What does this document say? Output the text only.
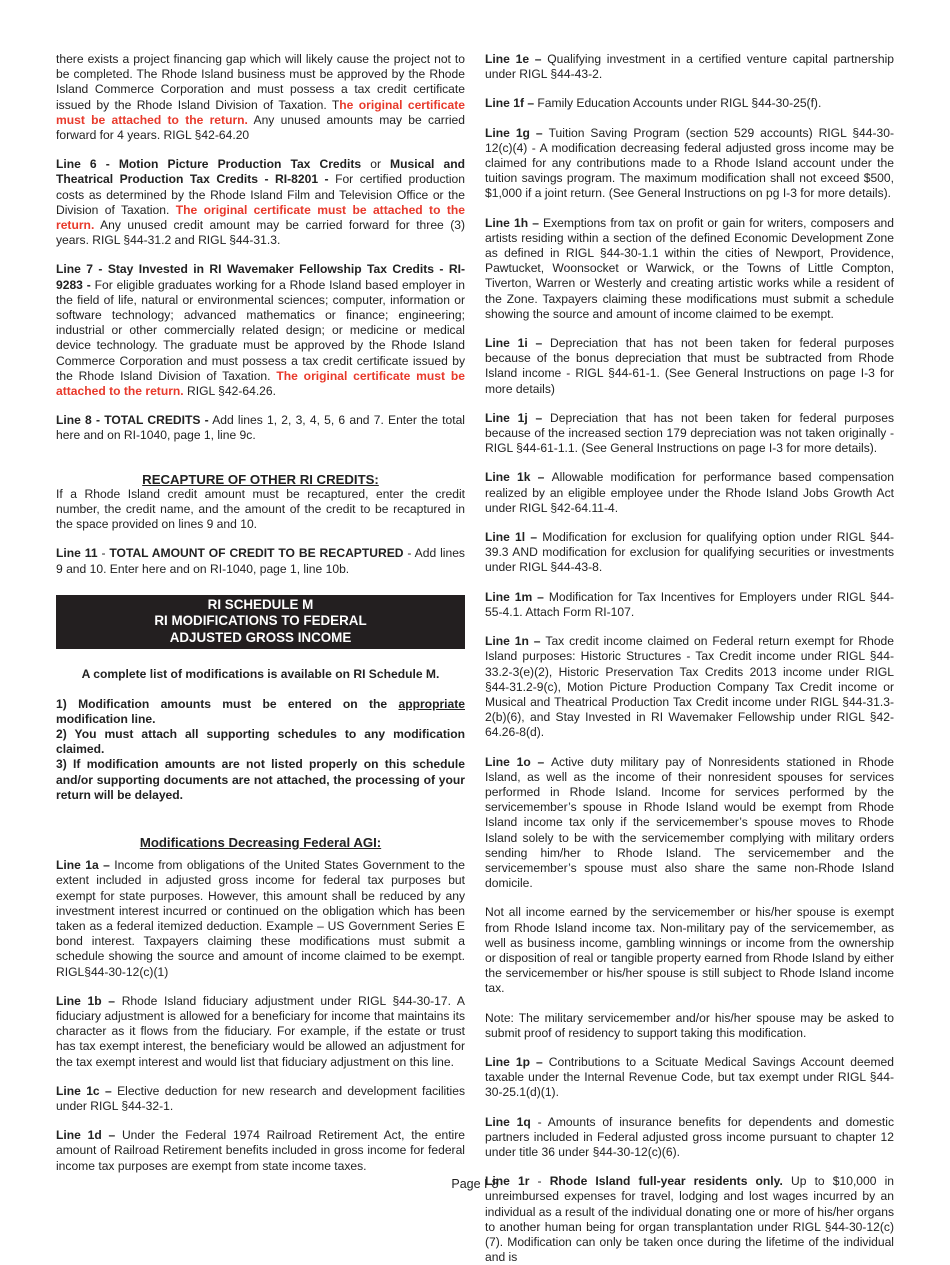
there exists a project financing gap which will likely cause the project not to be completed. The Rhode Island business must be approved by the Rhode Island Commerce Corporation and must possess a tax credit certificate issued by the Rhode Island Division of Taxation. The original certificate must be attached to the return. Any unused amounts may be carried forward for 4 years. RIGL §42-64.20

Line 6 - Motion Picture Production Tax Credits or Musical and Theatrical Production Tax Credits - RI-8201 - For certified production costs as determined by the Rhode Island Film and Television Office or the Division of Taxation. The original certificate must be attached to the return. Any unused credit amount may be carried forward for three (3) years. RIGL §44-31.2 and RIGL §44-31.3.

Line 7 - Stay Invested in RI Wavemaker Fellowship Tax Credits - RI-9283 - For eligible graduates working for a Rhode Island based employer in the field of life, natural or environmental sciences; computer, information or software technology; advanced mathematics or finance; engineering; industrial or other commercially related design; or medicine or medical device technology. The graduate must be approved by the Rhode Island Commerce Corporation and must possess a tax credit certificate issued by the Rhode Island Division of Taxation. The original certificate must be attached to the return. RIGL §42-64.26.

Line 8 - TOTAL CREDITS - Add lines 1, 2, 3, 4, 5, 6 and 7. Enter the total here and on RI-1040, page 1, line 9c.

RECAPTURE OF OTHER RI CREDITS:

If a Rhode Island credit amount must be recaptured, enter the credit number, the credit name, and the amount of the credit to be recaptured in the space provided on lines 9 and 10.

Line 11 - TOTAL AMOUNT OF CREDIT TO BE RECAPTURED - Add lines 9 and 10. Enter here and on RI-1040, page 1, line 10b.

RI SCHEDULE M
RI MODIFICATIONS TO FEDERAL
ADJUSTED GROSS INCOME

A complete list of modifications is available on RI Schedule M.

1) Modification amounts must be entered on the appropriate modification line.
2) You must attach all supporting schedules to any modification claimed.
3) If modification amounts are not listed properly on this schedule and/or supporting documents are not attached, the processing of your return will be delayed.
Modifications Decreasing Federal AGI:

Line 1a – Income from obligations of the United States Government to the extent included in adjusted gross income for federal tax purposes but exempt for state purposes. However, this amount shall be reduced by any investment interest incurred or continued on the obligation which has been taken as a federal itemized deduction. Example – US Government Series E bond interest. Taxpayers claiming these modifications must submit a schedule showing the source and amount of income claimed to be exempt. RIGL§44-30-12(c)(1)

Line 1b – Rhode Island fiduciary adjustment under RIGL §44-30-17. A fiduciary adjustment is allowed for a beneficiary for income that maintains its character as it flows from the fiduciary. For example, if the estate or trust has tax exempt interest, the beneficiary would be allowed an adjustment for the tax exempt interest and would list that fiduciary adjustment on this line.

Line 1c – Elective deduction for new research and development facilities under RIGL §44-32-1.

Line 1d – Under the Federal 1974 Railroad Retirement Act, the entire amount of Railroad Retirement benefits included in gross income for federal income tax purposes are exempt from state income taxes.

Line 1e – Qualifying investment in a certified venture capital partnership under RIGL §44-43-2.

Line 1f – Family Education Accounts under RIGL §44-30-25(f).

Line 1g – Tuition Saving Program (section 529 accounts) RIGL §44-30-12(c)(4) - A modification decreasing federal adjusted gross income may be claimed for any contributions made to a Rhode Island account under the tuition savings program. The maximum modification shall not exceed $500, $1,000 if a joint return. (See General Instructions on pg I-3 for more details).

Line 1h – Exemptions from tax on profit or gain for writers, composers and artists residing within a section of the defined Economic Development Zone as defined in RIGL §44-30-1.1 within the cities of Newport, Providence, Pawtucket, Woonsocket or Warwick, or the Towns of Little Compton, Tiverton, Warren or Westerly and creating artistic works while a resident of the Zone. Taxpayers claiming these modifications must submit a schedule showing the source and amount of income claimed to be exempt.

Line 1i – Depreciation that has not been taken for federal purposes because of the bonus depreciation that must be subtracted from Rhode Island income - RIGL §44-61-1. (See General Instructions on page I-3 for more details)

Line 1j – Depreciation that has not been taken for federal purposes because of the increased section 179 depreciation was not taken originally - RIGL §44-61-1.1. (See General Instructions on page I-3 for more details).

Line 1k – Allowable modification for performance based compensation realized by an eligible employee under the Rhode Island Jobs Growth Act under RIGL §42-64.11-4.

Line 1l – Modification for exclusion for qualifying option under RIGL §44-39.3 AND modification for exclusion for qualifying securities or investments under RIGL §44-43-8.

Line 1m – Modification for Tax Incentives for Employers under RIGL §44-55-4.1. Attach Form RI-107.

Line 1n – Tax credit income claimed on Federal return exempt for Rhode Island purposes: Historic Structures - Tax Credit income under RIGL §44-33.2-3(e)(2), Historic Preservation Tax Credits 2013 income under RIGL §44-31.2-9(c), Motion Picture Production Company Tax Credit income or Musical and Theatrical Production Tax Credit income under RIGL §44-31.3-2(b)(6), and Stay Invested in RI Wavemaker Fellowship under RIGL §42-64.26-8(d).

Line 1o – Active duty military pay of Nonresidents stationed in Rhode Island, as well as the income of their nonresident spouses for services performed in Rhode Island. Income for services performed by the servicemember’s spouse in Rhode Island would be exempt from Rhode Island income tax only if the servicemember’s spouse moves to Rhode Island solely to be with the servicemember complying with military orders sending him/her to Rhode Island. The servicemember and the servicemember’s spouse must also share the same non-Rhode Island domicile.

Not all income earned by the servicemember or his/her spouse is exempt from Rhode Island income tax. Non-military pay of the servicemember, as well as business income, gambling winnings or income from the ownership or disposition of real or tangible property earned from Rhode Island by either the servicemember or his/her spouse is still subject to Rhode Island income tax.

Note: The military servicemember and/or his/her spouse may be asked to submit proof of residency to support taking this modification.

Line 1p – Contributions to a Scituate Medical Savings Account deemed taxable under the Internal Revenue Code, but tax exempt under RIGL §44-30-25.1(d)(1).

Line 1q - Amounts of insurance benefits for dependents and domestic partners included in Federal adjusted gross income pursuant to chapter 12 under title 36 under §44-30-12(c)(6).

Line 1r - Rhode Island full-year residents only. Up to $10,000 in unreimbursed expenses for travel, lodging and lost wages incurred by an individual as a result of the individual donating one or more of his/her organs to another human being for organ transplantation under RIGL §44-30-12(c)(7). Modification can only be taken once during the lifetime of the individual and is

Page I-8
